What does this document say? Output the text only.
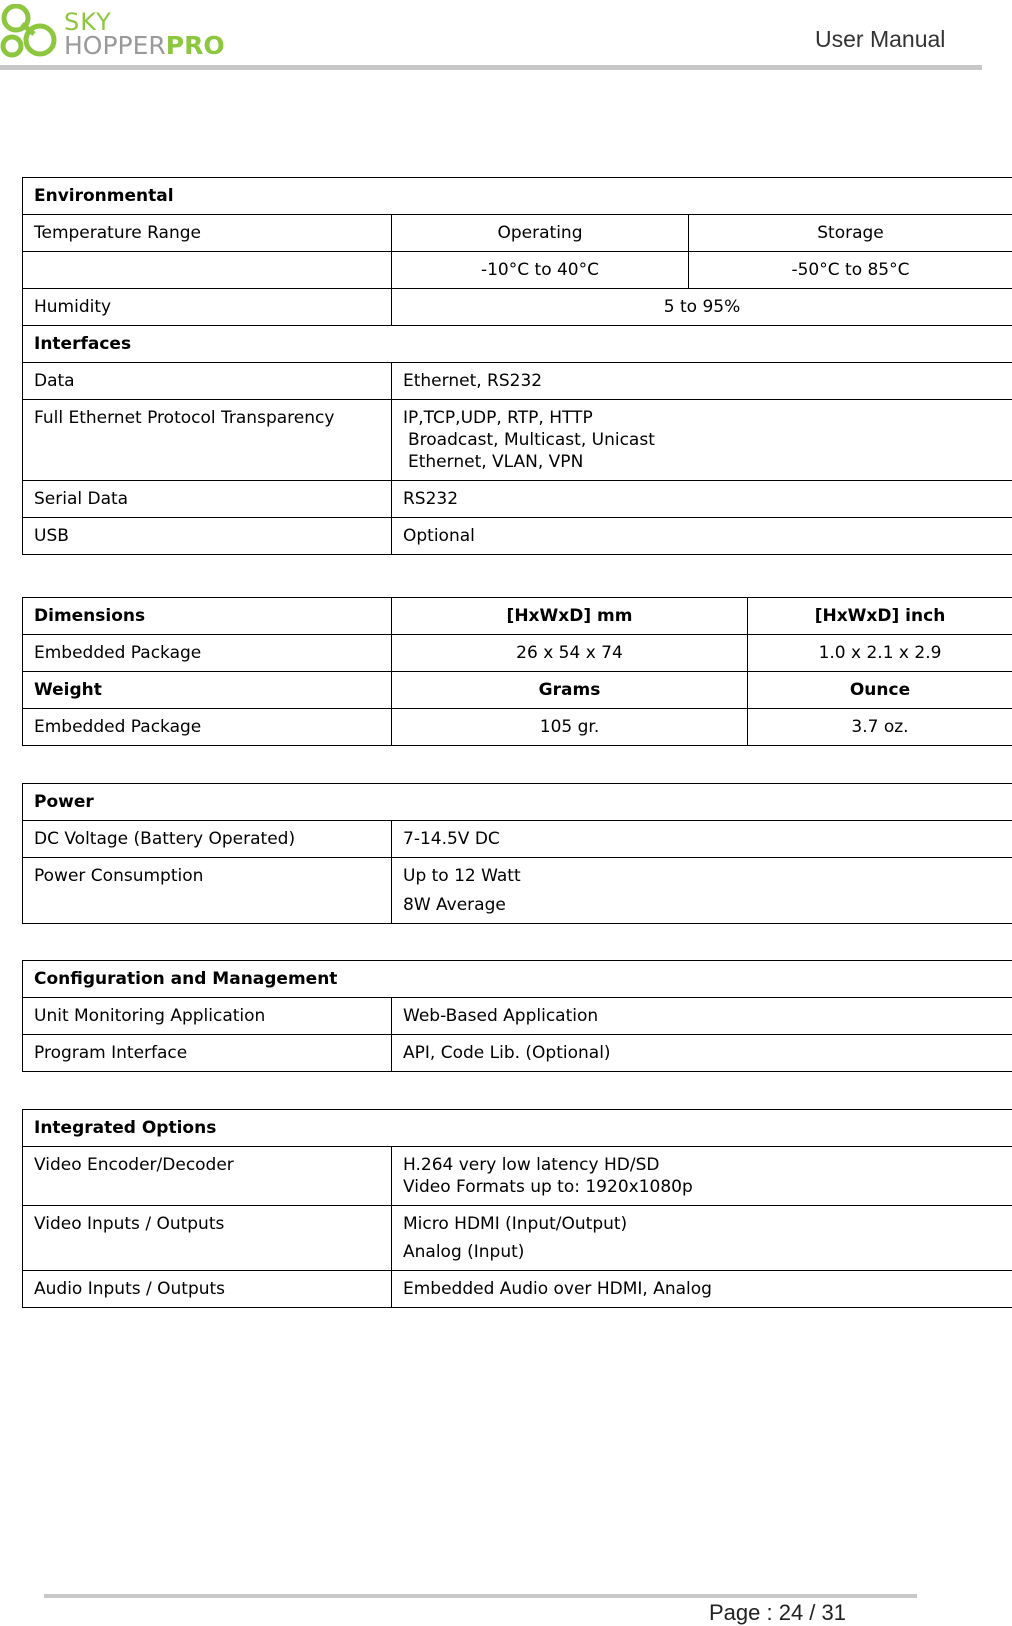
SKY
HOPPERPRO	User Manual
Environmental		
Temperature Range	Operating	Storage
	-10°C to 40°C	-50°C to 85°C
Humidity	5 to 95%	
Interfaces		
Data	Ethernet, RS232	
Full Ethernet Protocol Transparency	IP,TCP,UDP, RTP, HTTP
Broadcast, Multicast, Unicast
Ethernet, VLAN, VPN	

Serial Data	RS232	
USB	Optional	
Dimensions	[HxWxD] mm	[HxWxD] inch
Embedded Package	26 x 54 x 74	1.0 x 2.1 x 2.9
Weight	Grams	Ounce
Embedded Package	105 gr.	3.7 oz.
Power	
DC Voltage (Battery Operated)	7-14.5V DC
Power Consumption	Up to 12 Watt
8W Average
Configuration and Management	
Unit Monitoring Application	Web-Based Application
Program Interface	API, Code Lib. (Optional)
Integrated Options	
Video Encoder/Decoder	H.264 very low latency HD/SD
Video Formats up to: 1920x1080p

Video Inputs / Outputs	Micro HDMI (Input/Output)
Analog (Input)

Audio Inputs / Outputs	Embedded Audio over HDMI, Analog
Page : 24 / 31
